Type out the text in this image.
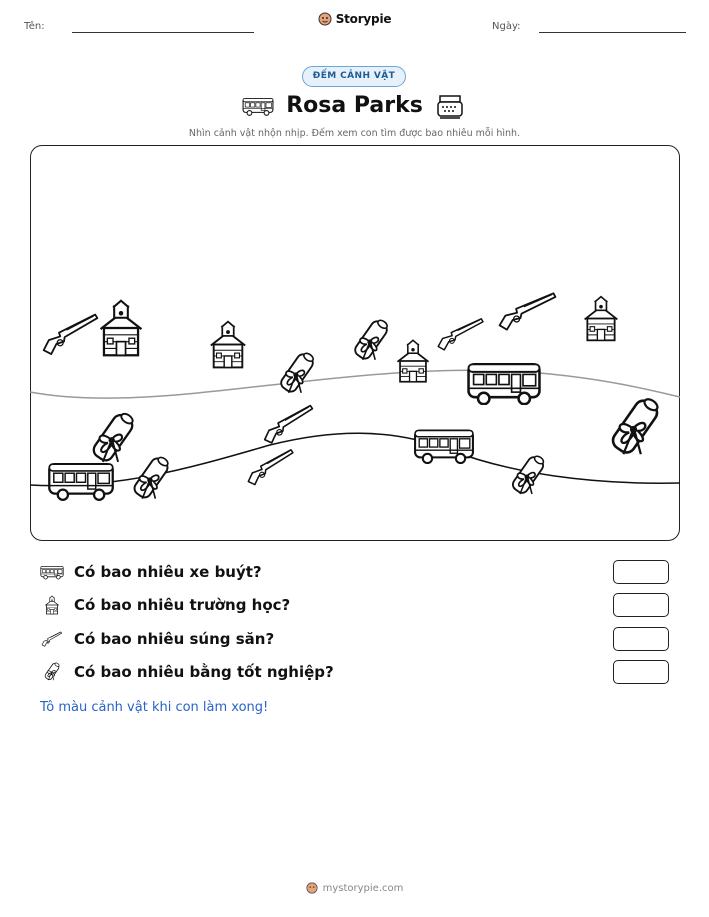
Tên:
Storypie
Ngày:
ĐẾM CẢNH VẬT
Rosa Parks
Nhìn cảnh vật nhộn nhịp. Đếm xem con tìm được bao nhiêu mỗi hình.
Có bao nhiêu xe buýt?
Có bao nhiêu trường học?
Có bao nhiêu súng săn?
Có bao nhiêu bằng tốt nghiệp?
Tô màu cảnh vật khi con làm xong!
mystorypie.com
